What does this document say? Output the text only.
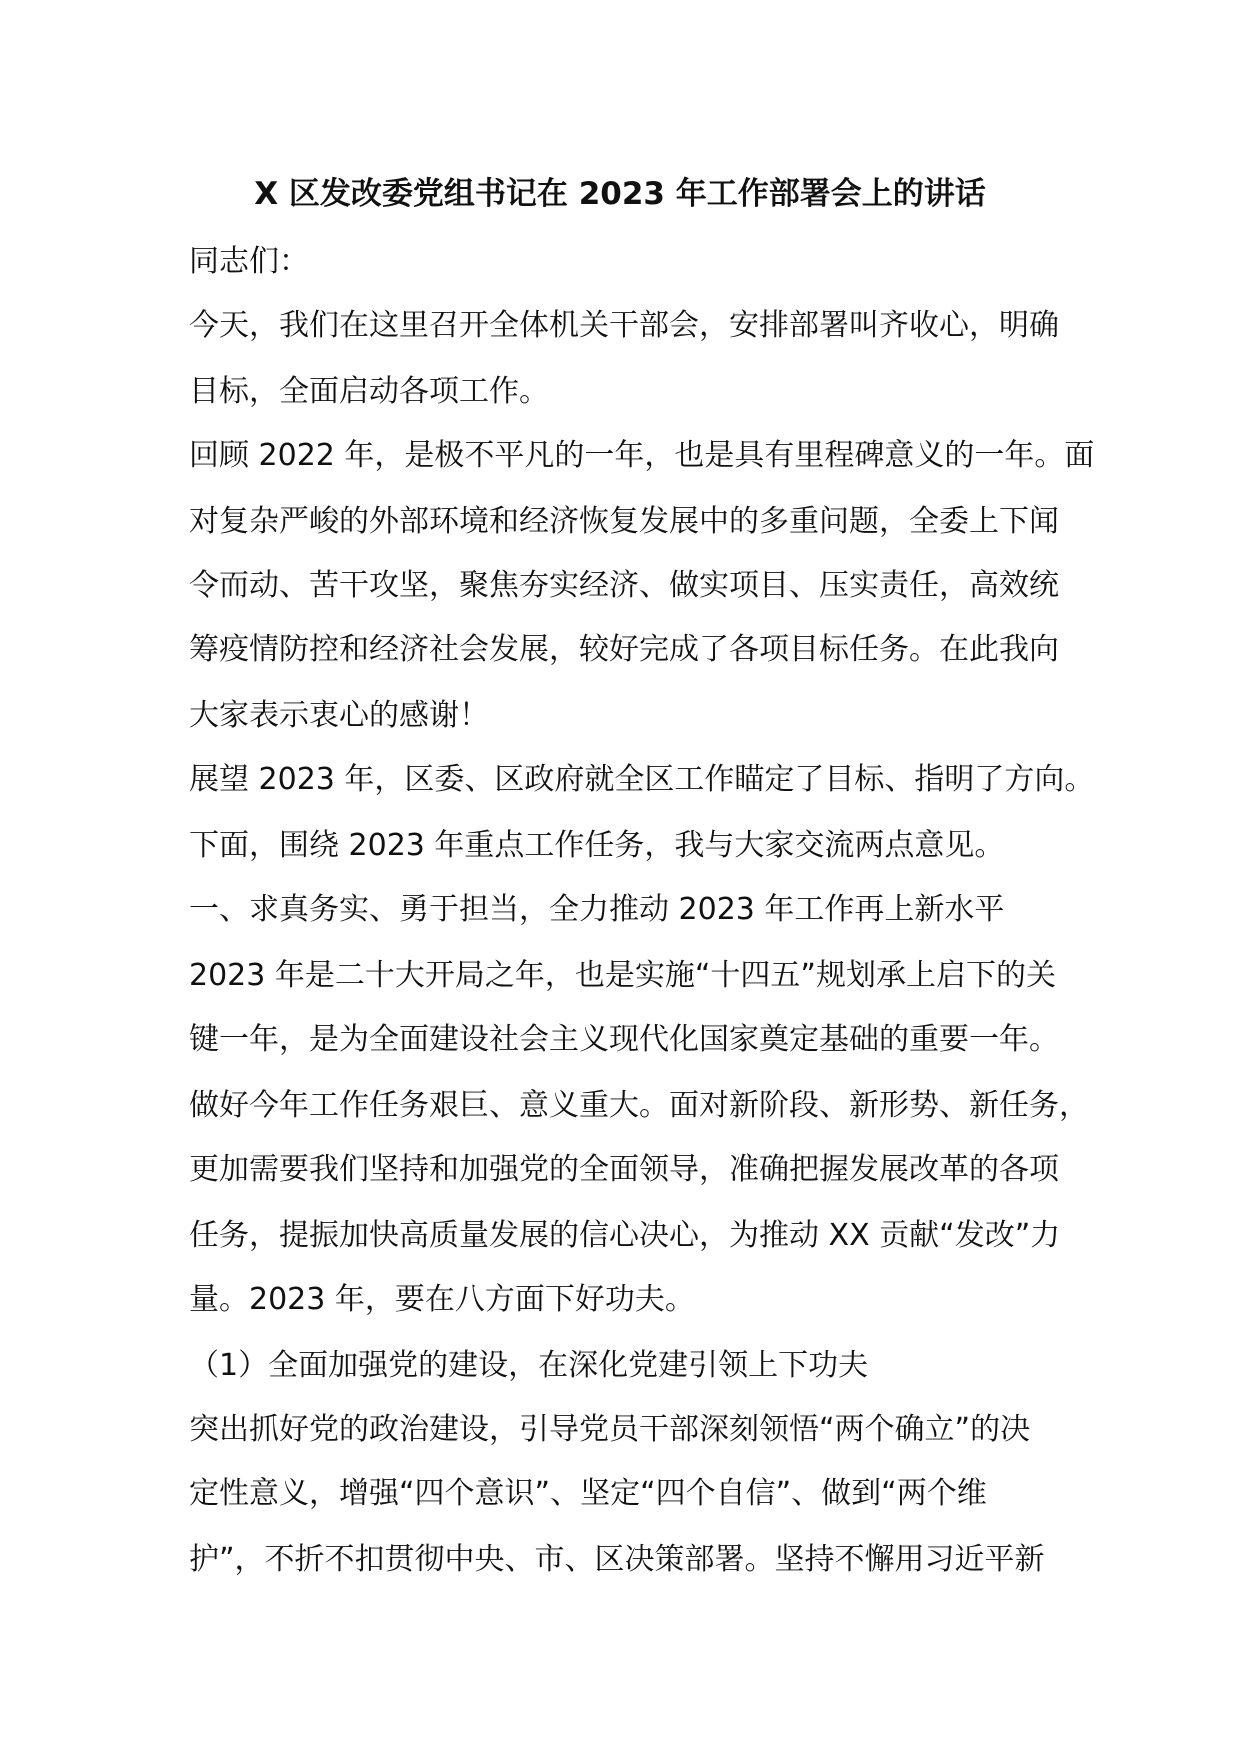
X 区发改委党组书记在 2023 年工作部署会上的讲话
同志们：
今天，我们在这里召开全体机关干部会，安排部署叫齐收心，明确
目标，全面启动各项工作。
回顾 2022 年，是极不平凡的一年，也是具有里程碑意义的一年。面
对复杂严峻的外部环境和经济恢复发展中的多重问题，全委上下闻
令而动、苦干攻坚，聚焦夯实经济、做实项目、压实责任，高效统
筹疫情防控和经济社会发展，较好完成了各项目标任务。在此我向
大家表示衷心的感谢！
展望 2023 年，区委、区政府就全区工作瞄定了目标、指明了方向。
下面，围绕 2023 年重点工作任务，我与大家交流两点意见。
一、求真务实、勇于担当，全力推动 2023 年工作再上新水平
2023 年是二十大开局之年，也是实施“十四五”规划承上启下的关
键一年，是为全面建设社会主义现代化国家奠定基础的重要一年。
做好今年工作任务艰巨、意义重大。面对新阶段、新形势、新任务，
更加需要我们坚持和加强党的全面领导，准确把握发展改革的各项
任务，提振加快高质量发展的信心决心，为推动 XX 贡献“发改”力
量。2023 年，要在八方面下好功夫。
（1）全面加强党的建设，在深化党建引领上下功夫
突出抓好党的政治建设，引导党员干部深刻领悟“两个确立”的决
定性意义，增强“四个意识”、坚定“四个自信”、做到“两个维
护”，不折不扣贯彻中央、市、区决策部署。坚持不懈用习近平新
